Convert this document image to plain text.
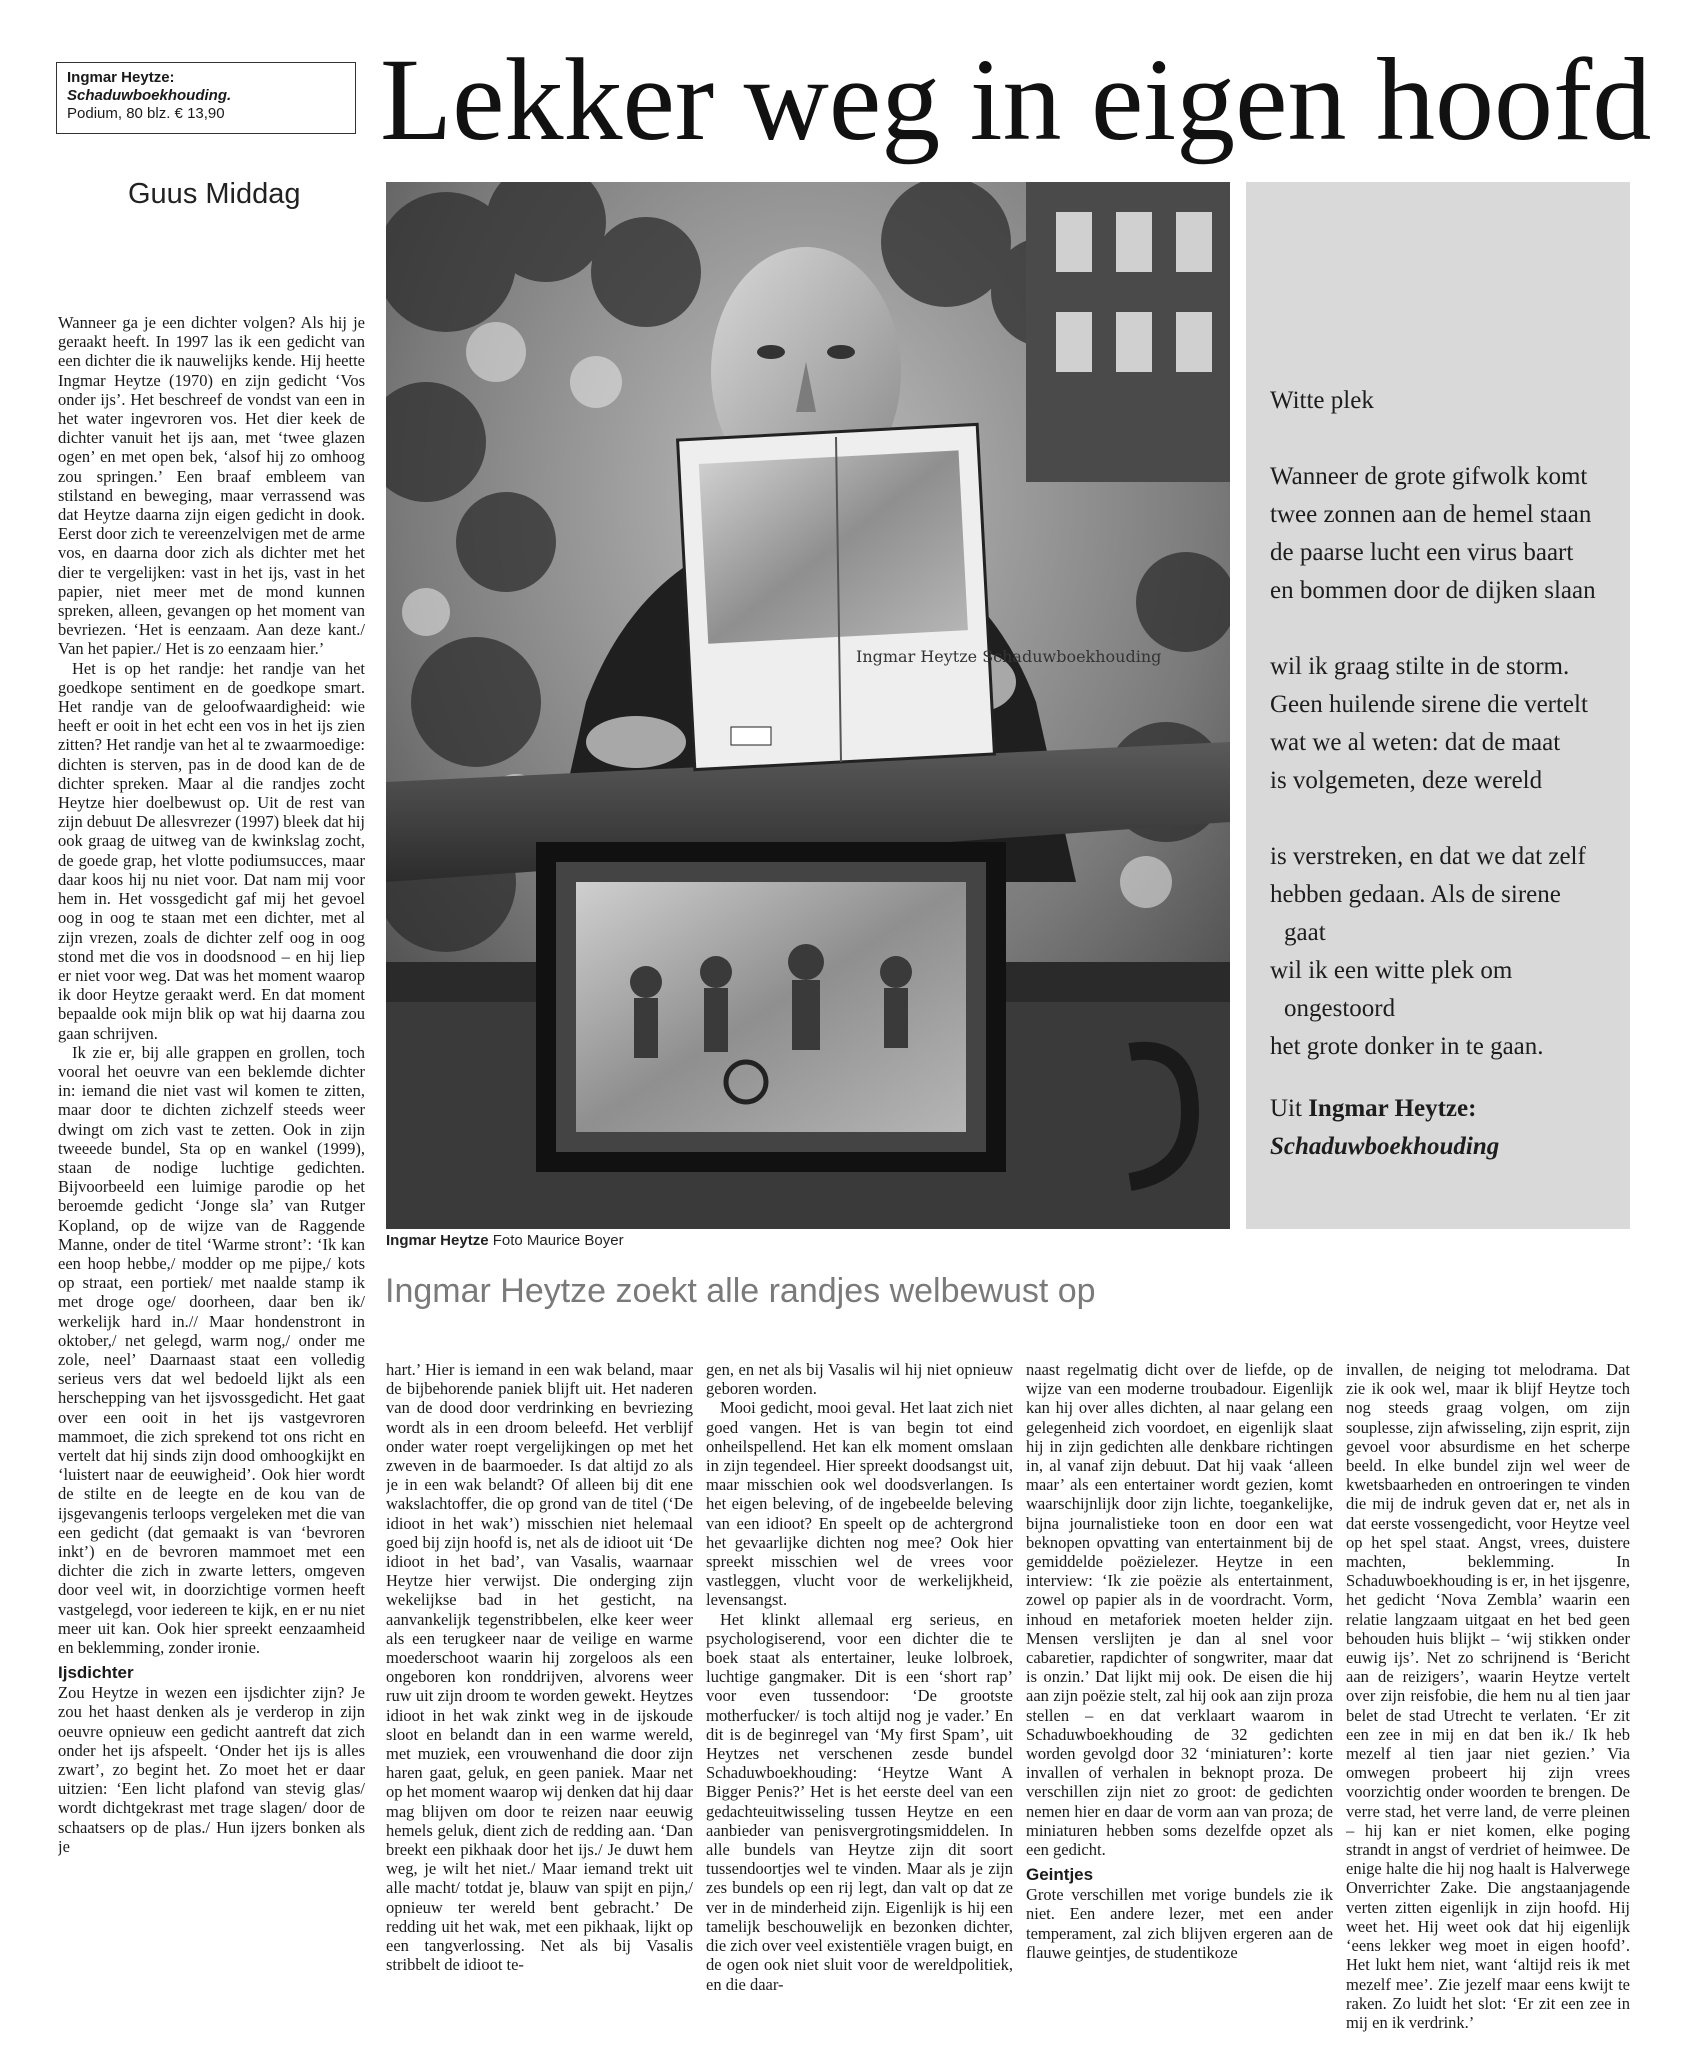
Ingmar Heytze:
Schaduwboekhouding.
Podium, 80 blz. € 13,90	Lekker weg in eigen hoofd
Guus Middag
Ingmar Heytze Schaduwboekhouding
Ingmar Heytze Foto Maurice Boyer
Witte plek
Wanneer de grote gifwolk komt
twee zonnen aan de hemel staan
de paarse lucht een virus baart
en bommen door de dijken slaan
wil ik graag stilte in de storm.
Geen huilende sirene die vertelt
wat we al weten: dat de maat
is volgemeten, deze wereld
is verstreken, en dat we dat zelf
hebben gedaan. Als de sirene
gaat
wil ik een witte plek om
ongestoord
het grote donker in te gaan.
Uit Ingmar Heytze:
Schaduwboekhouding
Ingmar Heytze zoekt alle randjes welbewust op

Wanneer ga je een dichter volgen? Als hij je geraakt heeft. In 1997 las ik een gedicht van een dichter die ik nauwelijks kende. Hij heette Ingmar Heytze (1970) en zijn gedicht ‘Vos onder ijs’. Het beschreef de vondst van een in het water ingevroren vos. Het dier keek de dichter vanuit het ijs aan, met ‘twee glazen ogen’ en met open bek, ‘alsof hij zo omhoog zou springen.’ Een braaf embleem van stilstand en beweging, maar verrassend was dat Heytze daarna zijn eigen gedicht in dook. Eerst door zich te vereenzelvigen met de arme vos, en daarna door zich als dichter met het dier te vergelijken: vast in het ijs, vast in het papier, niet meer met de mond kunnen spreken, alleen, gevangen op het moment van bevriezen. ‘Het is eenzaam. Aan deze kant./ Van het papier./ Het is zo eenzaam hier.’

Het is op het randje: het randje van het goedkope sentiment en de goedkope smart. Het randje van de geloofwaardigheid: wie heeft er ooit in het echt een vos in het ijs zien zitten? Het randje van het al te zwaarmoedige: dichten is sterven, pas in de dood kan de de dichter spreken. Maar al die randjes zocht Heytze hier doelbewust op. Uit de rest van zijn debuut De allesvrezer (1997) bleek dat hij ook graag de uitweg van de kwinkslag zocht, de goede grap, het vlotte podiumsucces, maar daar koos hij nu niet voor. Dat nam mij voor hem in. Het vossgedicht gaf mij het gevoel oog in oog te staan met een dichter, met al zijn vrezen, zoals de dichter zelf oog in oog stond met die vos in doodsnood – en hij liep er niet voor weg. Dat was het moment waarop ik door Heytze geraakt werd. En dat moment bepaalde ook mijn blik op wat hij daarna zou gaan schrijven.

Ik zie er, bij alle grappen en grollen, toch vooral het oeuvre van een beklemde dichter in: iemand die niet vast wil komen te zitten, maar door te dichten zichzelf steeds weer dwingt om zich vast te zetten. Ook in zijn tweeede bundel, Sta op en wankel (1999), staan de nodige luchtige gedichten. Bijvoorbeeld een luimige parodie op het beroemde gedicht ‘Jonge sla’ van Rutger Kopland, op de wijze van de Raggende Manne, onder de titel ‘Warme stront’: ‘Ik kan een hoop hebbe,/ modder op me pijpe,/ kots op straat, een portiek/ met naalde stamp ik met droge oge/ doorheen, daar ben ik/ werkelijk hard in.// Maar hondenstront in oktober,/ net gelegd, warm nog,/ onder me zole, neel’ Daarnaast staat een volledig serieus vers dat wel bedoeld lijkt als een herschepping van het ijsvossgedicht. Het gaat over een ooit in het ijs vastgevroren mammoet, die zich sprekend tot ons richt en vertelt dat hij sinds zijn dood omhoogkijkt en ‘luistert naar de eeuwigheid’. Ook hier wordt de stilte en de leegte en de kou van de ijsgevangenis terloops vergeleken met die van een gedicht (dat gemaakt is van ‘bevroren inkt’) en de bevroren mammoet met een dichter die zich in zwarte letters, omgeven door veel wit, in doorzichtige vormen heeft vastgelegd, voor iedereen te kijk, en er nu niet meer uit kan. Ook hier spreekt eenzaamheid en beklemming, zonder ironie.

Ijsdichter

Zou Heytze in wezen een ijsdichter zijn? Je zou het haast denken als je verderop in zijn oeuvre opnieuw een gedicht aantreft dat zich onder het ijs afspeelt. ‘Onder het ijs is alles zwart’, zo begint het. Zo moet het er daar uitzien: ‘Een licht plafond van stevig glas/ wordt dichtgekrast met trage slagen/ door de schaatsers op de plas./ Hun ijzers bonken als je

hart.’ Hier is iemand in een wak beland, maar de bijbehorende paniek blijft uit. Het naderen van de dood door verdrinking en bevriezing wordt als in een droom beleefd. Het verblijf onder water roept vergelijkingen op met het zweven in de baarmoeder. Is dat altijd zo als je in een wak belandt? Of alleen bij dit ene wakslachtoffer, die op grond van de titel (‘De idioot in het wak’) misschien niet helemaal goed bij zijn hoofd is, net als de idioot uit ‘De idioot in het bad’, van Vasalis, waarnaar Heytze hier verwijst. Die onderging zijn wekelijkse bad in het gesticht, na aanvankelijk tegenstribbelen, elke keer weer als een terugkeer naar de veilige en warme moederschoot waarin hij zorgeloos als een ongeboren kon ronddrijven, alvorens weer ruw uit zijn droom te worden gewekt. Heytzes idioot in het wak zinkt weg in de ijskoude sloot en belandt dan in een warme wereld, met muziek, een vrouwenhand die door zijn haren gaat, geluk, en geen paniek. Maar net op het moment waarop wij denken dat hij daar mag blijven om door te reizen naar eeuwig hemels geluk, dient zich de redding aan. ‘Dan breekt een pikhaak door het ijs./ Je duwt hem weg, je wilt het niet./ Maar iemand trekt uit alle macht/ totdat je, blauw van spijt en pijn,/ opnieuw ter wereld bent gebracht.’ De redding uit het wak, met een pikhaak, lijkt op een tangverlossing. Net als bij Vasalis stribbelt de idioot te-

gen, en net als bij Vasalis wil hij niet opnieuw geboren worden.

Mooi gedicht, mooi geval. Het laat zich niet goed vangen. Het is van begin tot eind onheilspellend. Het kan elk moment omslaan in zijn tegendeel. Hier spreekt doodsangst uit, maar misschien ook wel doodsverlangen. Is het eigen beleving, of de ingebeelde beleving van een idioot? En speelt op de achtergrond het gevaarlijke dichten nog mee? Ook hier spreekt misschien wel de vrees voor vastleggen, vlucht voor de werkelijkheid, levensangst.

Het klinkt allemaal erg serieus, en psychologiserend, voor een dichter die te boek staat als entertainer, leuke lolbroek, luchtige gangmaker. Dit is een ‘short rap’ voor even tussendoor: ‘De grootste motherfucker/ is toch altijd nog je vader.’ En dit is de beginregel van ‘My first Spam’, uit Heytzes net verschenen zesde bundel Schaduwboekhouding: ‘Heytze Want A Bigger Penis?’ Het is het eerste deel van een gedachteuitwisseling tussen Heytze en een aanbieder van penisvergrotingsmiddelen. In alle bundels van Heytze zijn dit soort tussendoortjes wel te vinden. Maar als je zijn zes bundels op een rij legt, dan valt op dat ze ver in de minderheid zijn. Eigenlijk is hij een tamelijk beschouwelijk en bezonken dichter, die zich over veel existentiële vragen buigt, en de ogen ook niet sluit voor de wereldpolitiek, en die daar-

naast regelmatig dicht over de liefde, op de wijze van een moderne troubadour. Eigenlijk kan hij over alles dichten, al naar gelang een gelegenheid zich voordoet, en eigenlijk slaat hij in zijn gedichten alle denkbare richtingen in, al vanaf zijn debuut. Dat hij vaak ‘alleen maar’ als een entertainer wordt gezien, komt waarschijnlijk door zijn lichte, toegankelijke, bijna journalistieke toon en door een wat beknopen opvatting van entertainment bij de gemiddelde poëzielezer. Heytze in een interview: ‘Ik zie poëzie als entertainment, zowel op papier als in de voordracht. Vorm, inhoud en metaforiek moeten helder zijn. Mensen verslijten je dan al snel voor cabaretier, rapdichter of songwriter, maar dat is onzin.’ Dat lijkt mij ook. De eisen die hij aan zijn poëzie stelt, zal hij ook aan zijn proza stellen – en dat verklaart waarom in Schaduwboekhouding de 32 gedichten worden gevolgd door 32 ‘miniaturen’: korte invallen of verhalen in beknopt proza. De verschillen zijn niet zo groot: de gedichten nemen hier en daar de vorm aan van proza; de miniaturen hebben soms dezelfde opzet als een gedicht.

Geintjes

Grote verschillen met vorige bundels zie ik niet. Een andere lezer, met een ander temperament, zal zich blijven ergeren aan de flauwe geintjes, de studentikoze

invallen, de neiging tot melodrama. Dat zie ik ook wel, maar ik blijf Heytze toch nog steeds graag volgen, om zijn souplesse, zijn afwisseling, zijn esprit, zijn gevoel voor absurdisme en het scherpe beeld. In elke bundel zijn wel weer de kwetsbaarheden en ontroeringen te vinden die mij de indruk geven dat er, net als in dat eerste vossengedicht, voor Heytze veel op het spel staat. Angst, vrees, duistere machten, beklemming. In Schaduwboekhouding is er, in het ijsgenre, het gedicht ‘Nova Zembla’ waarin een relatie langzaam uitgaat en het bed geen behouden huis blijkt – ‘wij stikken onder euwig ijs’. Net zo schrijnend is ‘Bericht aan de reizigers’, waarin Heytze vertelt over zijn reisfobie, die hem nu al tien jaar belet de stad Utrecht te verlaten. ‘Er zit een zee in mij en dat ben ik./ Ik heb mezelf al tien jaar niet gezien.’ Via omwegen probeert hij zijn vrees voorzichtig onder woorden te brengen. De verre stad, het verre land, de verre pleinen – hij kan er niet komen, elke poging strandt in angst of verdriet of heimwee. De enige halte die hij nog haalt is Halverwege Onverrichter Zake. Die angstaanjagende verten zitten eigenlijk in zijn hoofd. Hij weet het. Hij weet ook dat hij eigenlijk ‘eens lekker weg moet in eigen hoofd’. Het lukt hem niet, want ‘altijd reis ik met mezelf mee’. Zie jezelf maar eens kwijt te raken. Zo luidt het slot: ‘Er zit een zee in mij en ik verdrink.’
